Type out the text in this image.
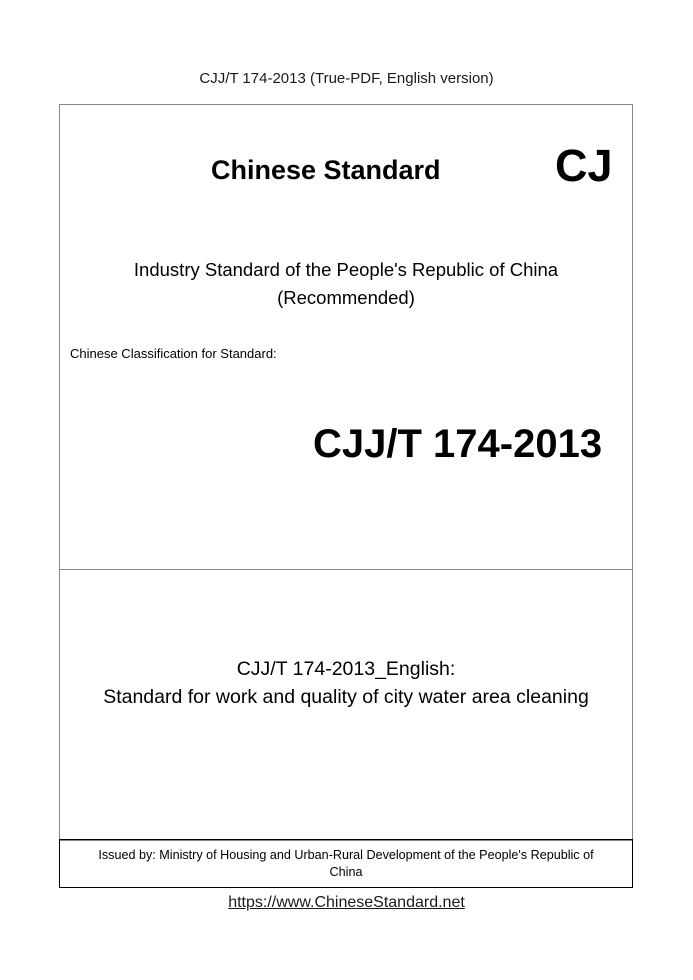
CJJ/T 174-2013 (True-PDF, English version)
Chinese Standard	CJ
Industry Standard of the People's Republic of China
(Recommended)
Chinese Classification for Standard:
CJJ/T 174-2013
CJJ/T 174-2013_English:
Standard for work and quality of city water area cleaning
Issued by: Ministry of Housing and Urban-Rural Development of the People's Republic of
China
https://www.ChineseStandard.net
